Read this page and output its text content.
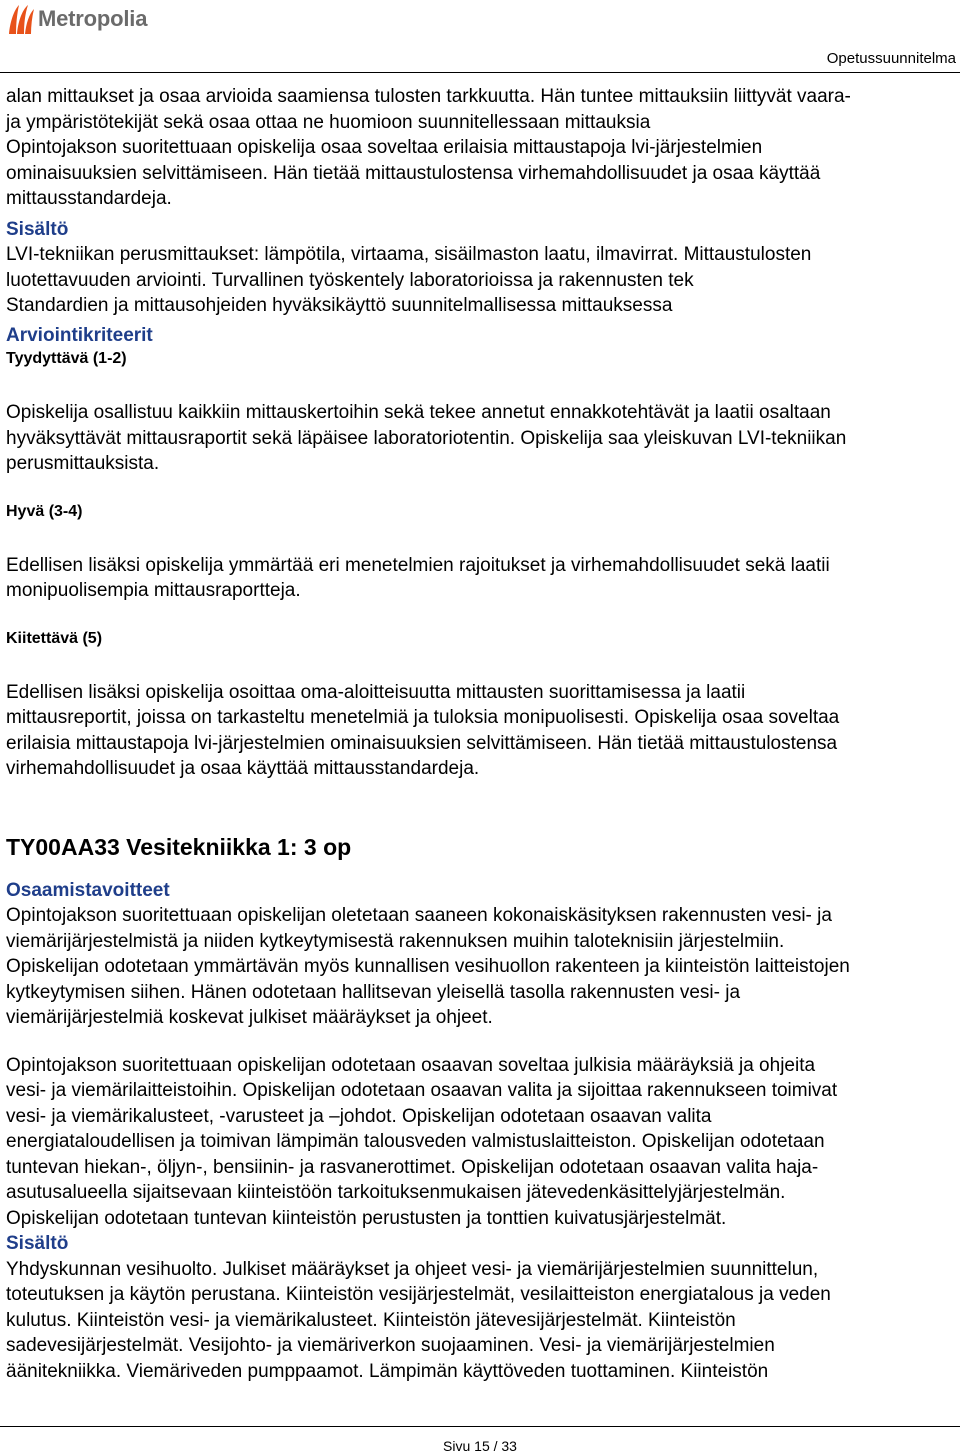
Metropolia
Opetussuunnitelma

alan mittaukset ja osaa arvioida saamiensa tulosten tarkkuutta. Hän tuntee mittauksiin liittyvät vaara-

ja ympäristötekijät sekä osaa ottaa ne huomioon suunnitellessaan mittauksia

Opintojakson suoritettuaan opiskelija osaa soveltaa erilaisia mittaustapoja lvi-järjestelmien

ominaisuuksien selvittämiseen. Hän tietää mittaustulostensa virhemahdollisuudet ja osaa käyttää

mittausstandardeja.

Sisältö

LVI-tekniikan perusmittaukset: lämpötila, virtaama, sisäilmaston laatu, ilmavirrat. Mittaustulosten

luotettavuuden arviointi. Turvallinen työskentely laboratorioissa ja rakennusten tek

Standardien ja mittausohjeiden hyväksikäyttö suunnitelmallisessa mittauksessa

Arviointikriteerit
Tyydyttävä (1-2)

Opiskelija osallistuu kaikkiin mittauskertoihin sekä tekee annetut ennakkotehtävät ja laatii osaltaan

hyväksyttävät mittausraportit sekä läpäisee laboratoriotentin. Opiskelija saa yleiskuvan LVI-tekniikan

perusmittauksista.

Hyvä (3-4)

Edellisen lisäksi opiskelija ymmärtää eri menetelmien rajoitukset ja virhemahdollisuudet sekä laatii

monipuolisempia mittausraportteja.

Kiitettävä (5)

Edellisen lisäksi opiskelija osoittaa oma-aloitteisuutta mittausten suorittamisessa ja laatii

mittausreportit, joissa on tarkasteltu menetelmiä ja tuloksia monipuolisesti. Opiskelija osaa soveltaa

erilaisia mittaustapoja lvi-järjestelmien ominaisuuksien selvittämiseen. Hän tietää mittaustulostensa

virhemahdollisuudet ja osaa käyttää mittausstandardeja.

TY00AA33 Vesitekniikka 1: 3 op
Osaamistavoitteet

Opintojakson suoritettuaan opiskelijan oletetaan saaneen kokonaiskäsityksen rakennusten vesi- ja

viemärijärjestelmistä ja niiden kytkeytymisestä rakennuksen muihin taloteknisiin järjestelmiin.

Opiskelijan odotetaan ymmärtävän myös kunnallisen vesihuollon rakenteen ja kiinteistön laitteistojen

kytkeytymisen siihen. Hänen odotetaan hallitsevan yleisellä tasolla rakennusten vesi- ja

viemärijärjestelmiä koskevat julkiset määräykset ja ohjeet.

Opintojakson suoritettuaan opiskelijan odotetaan osaavan soveltaa julkisia määräyksiä ja ohjeita

vesi- ja viemärilaitteistoihin. Opiskelijan odotetaan osaavan valita ja sijoittaa rakennukseen toimivat

vesi- ja viemärikalusteet, -varusteet ja –johdot. Opiskelijan odotetaan osaavan valita

energiataloudellisen ja toimivan lämpimän talousveden valmistuslaitteiston. Opiskelijan odotetaan

tuntevan hiekan-, öljyn-, bensiinin- ja rasvanerottimet. Opiskelijan odotetaan osaavan valita haja-

asutusalueella sijaitsevaan kiinteistöön tarkoituksenmukaisen jätevedenkäsittelyjärjestelmän.

Opiskelijan odotetaan tuntevan kiinteistön perustusten ja tonttien kuivatusjärjestelmät.

Sisältö

Yhdyskunnan vesihuolto. Julkiset määräykset ja ohjeet vesi- ja viemärijärjestelmien suunnittelun,

toteutuksen ja käytön perustana. Kiinteistön vesijärjestelmät, vesilaitteiston energiatalous ja veden

kulutus. Kiinteistön vesi- ja viemärikalusteet. Kiinteistön jätevesijärjestelmät. Kiinteistön

sadevesijärjestelmät. Vesijohto- ja viemäriverkon suojaaminen. Vesi- ja viemärijärjestelmien

äänitekniikka. Viemäriveden pumppaamot. Lämpimän käyttöveden tuottaminen. Kiinteistön

Sivu 15 / 33
